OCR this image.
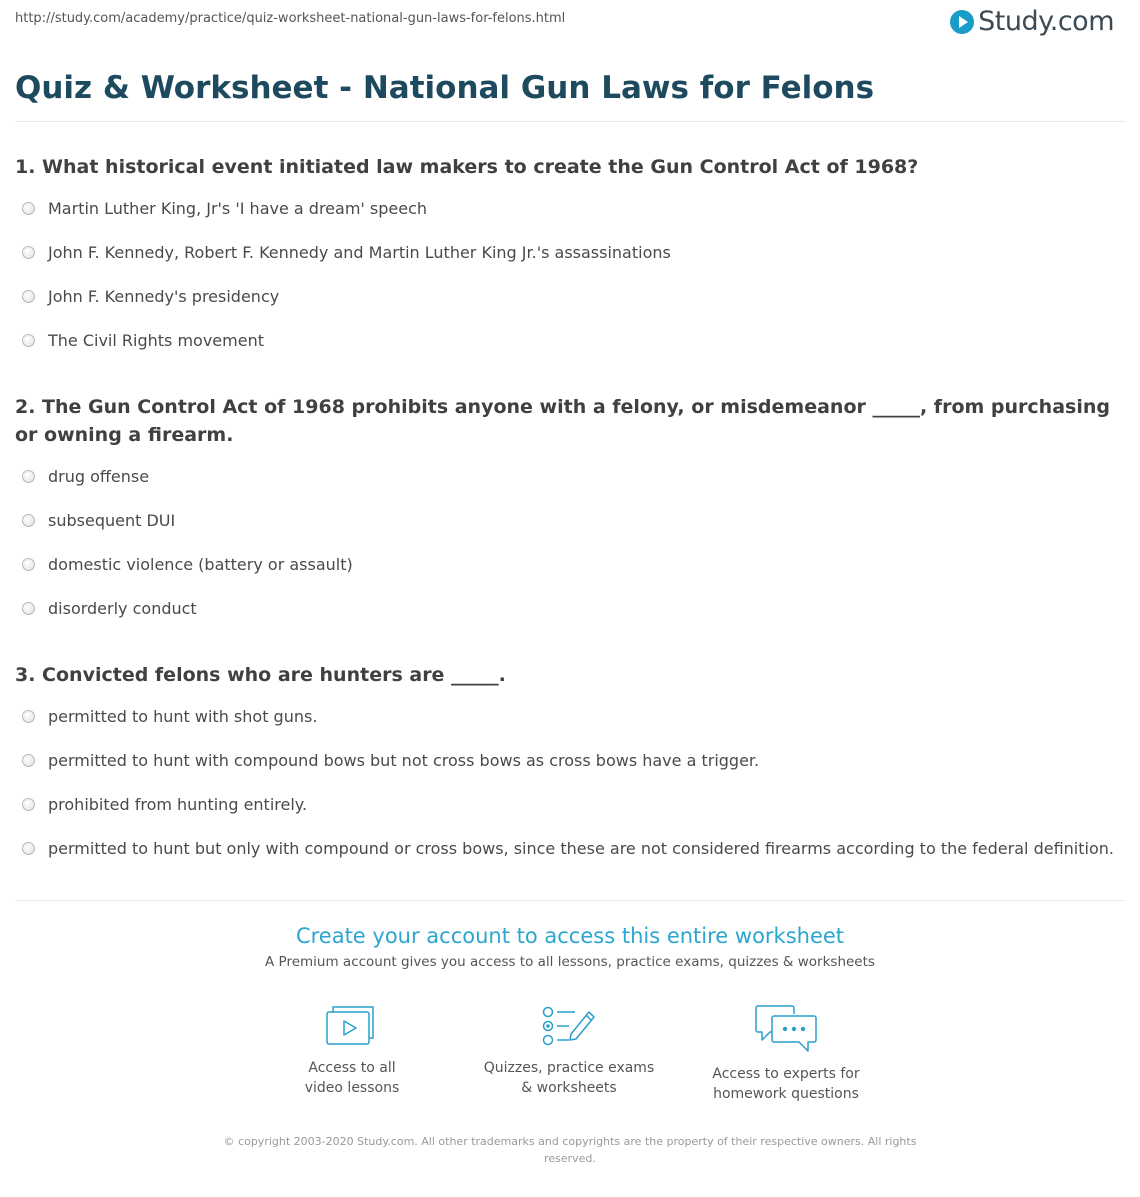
http://study.com/academy/practice/quiz-worksheet-national-gun-laws-for-felons.html	Study.com
Quiz & Worksheet - National Gun Laws for Felons
1. What historical event initiated law makers to create the Gun Control Act of 1968?
Martin Luther King, Jr's 'I have a dream' speech
John F. Kennedy, Robert F. Kennedy and Martin Luther King Jr.'s assassinations
John F. Kennedy's presidency
The Civil Rights movement
2. The Gun Control Act of 1968 prohibits anyone with a felony, or misdemeanor _____, from purchasing or owning a firearm.
drug offense
subsequent DUI
domestic violence (battery or assault)
disorderly conduct
3. Convicted felons who are hunters are _____.
permitted to hunt with shot guns.
permitted to hunt with compound bows but not cross bows as cross bows have a trigger.
prohibited from hunting entirely.
permitted to hunt but only with compound or cross bows, since these are not considered firearms according to the federal definition.
Create your account to access this entire worksheet
A Premium account gives you access to all lessons, practice exams, quizzes & worksheets
Access to all
video lessons
Quizzes, practice exams
& worksheets
Access to experts for
homework questions
© copyright 2003-2020 Study.com. All other trademarks and copyrights are the property of their respective owners. All rights reserved.
